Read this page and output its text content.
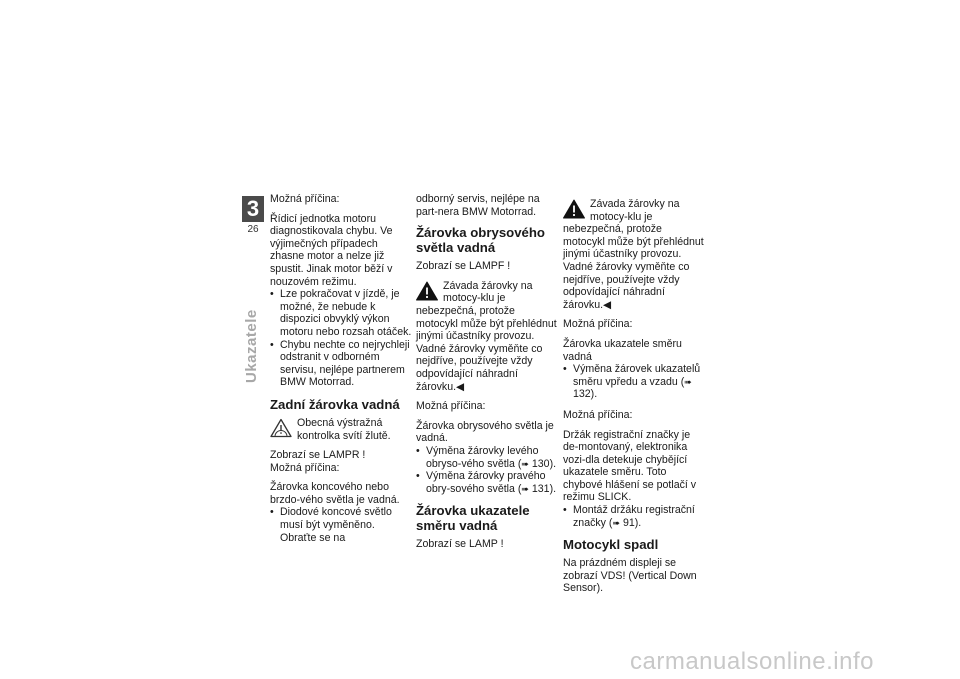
3
26
Ukazatele

Možná příčina:

Řídicí jednotka motoru diagnostikovala chybu. Ve výjimečných případech zhasne motor a nelze již spustit. Jinak motor běží v nouzovém režimu.

• Lze pokračovat v jízdě, je možné, že nebude k dispozici obvyklý výkon motoru nebo rozsah otáček.
• Chybu nechte co nejrychleji odstranit v odborném servisu, nejlépe partnerem BMW Motorrad.
Zadní žárovka vadná
Obecná výstražná kontrolka svítí žlutě.

Zobrazí se LAMPR !

Možná příčina:

Žárovka koncového nebo brzdo-vého světla je vadná.

• Diodové koncové světlo musí být vyměněno. Obraťte se na

odborný servis, nejlépe na part-nera BMW Motorrad.

Žárovka obrysového světla vadná

Zobrazí se LAMPF !

Závada žárovky na motocy-klu je nebezpečná, protože motocykl může být přehlédnut jinými účastníky provozu. Vadné žárovky vyměňte co nejdříve, používejte vždy odpovídající náhradní žárovku.◀

Možná příčina:

Žárovka obrysového světla je vadná.

• Výměna žárovky levého obryso-vého světla (➠ 130).
• Výměna žárovky pravého obry-sového světla (➠ 131).
Žárovka ukazatele směru vadná

Zobrazí se LAMP !

Závada žárovky na motocy-klu je nebezpečná, protože motocykl může být přehlédnut jinými účastníky provozu. Vadné žárovky vyměňte co nejdříve, používejte vždy odpovídající náhradní žárovku.◀

Možná příčina:

Žárovka ukazatele směru vadná

• Výměna žárovek ukazatelů směru vpředu a vzadu (➠ 132).

Možná příčina:

Držák registrační značky je de-montovaný, elektronika vozi-dla detekuje chybějící ukazatele směru. Toto chybové hlášení se potlačí v režimu SLICK.

• Montáž držáku registrační značky (➠ 91).
Motocykl spadl

Na prázdném displeji se zobrazí VDS! (Vertical Down Sensor).

carmanualsonline.info
